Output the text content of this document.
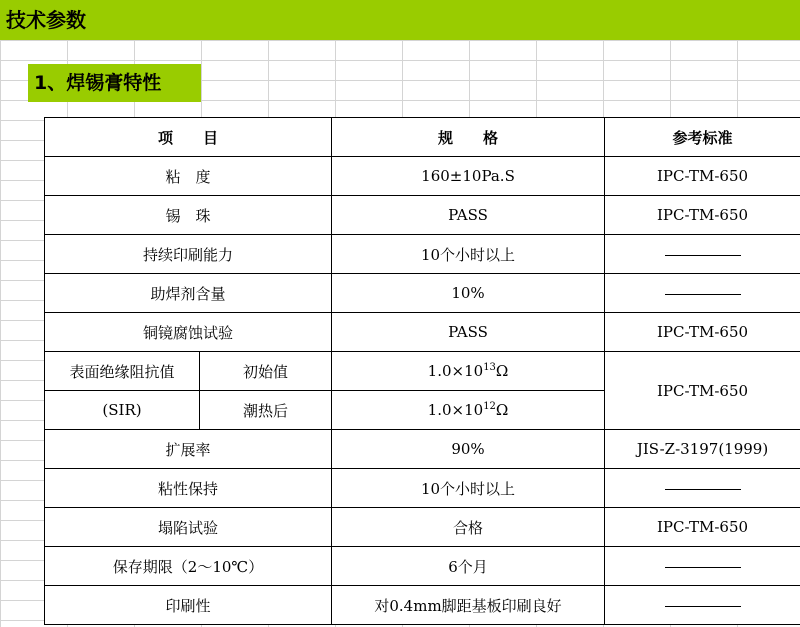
技术参数
1、焊锡膏特性
项　　目		规　　格	参考标准
粘　度		160±10Pa.S	IPC-TM-650
锡　珠		PASS	IPC-TM-650
持续印刷能力		10个小时以上	
助焊剂含量		10%	
铜镜腐蚀试验		PASS	IPC-TM-650
表面绝缘阻抗值	初始值	$1.0\times 10^{13}\Omega$	IPC-TM-650
(SIR)	潮热后	$1.0\times 10^{12}\Omega$	
扩展率		90%	JIS-Z-3197(1999)
粘性保持		10个小时以上	
塌陷试验		合格	IPC-TM-650
保存期限（2～10℃）		6个月	
印刷性		对0.4mm脚距基板印刷良好	
